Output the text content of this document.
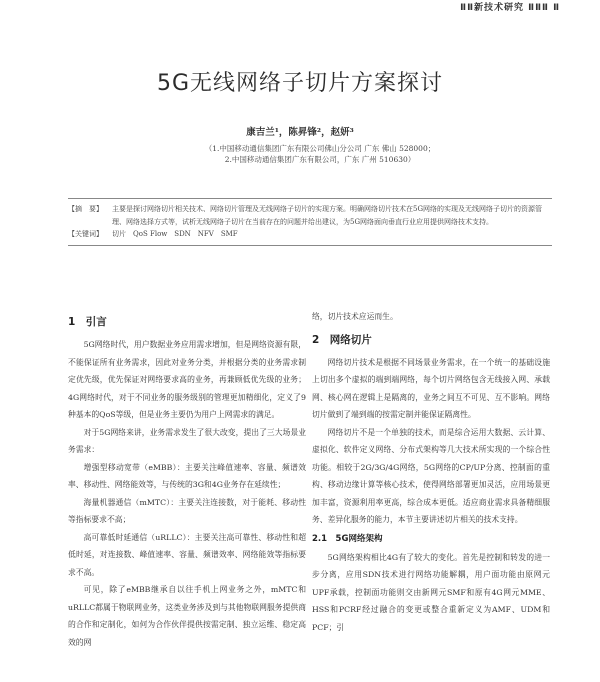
ⅡⅡ新技术研究 ⅡⅡⅡ Ⅱ
5G无线网络子切片方案探讨
康吉兰¹，陈昇锋²，赵妍³
（1.中国移动通信集团广东有限公司佛山分公司 广东 佛山 528000；
2.中国移动通信集团广东有限公司，广东 广州 510630）
【摘　要】	主要是探讨网络切片相关技术、网络切片管理及无线网络子切片的实现方案。明确网络切片技术在5G网络的实现及无线网络子切片的资源管理、网络选择方式等，试析无线网络子切片在当前存在的问题并给出建议，为5G网络面向垂直行业应用提供网络技术支持。
【关键词】	切片　QoS Flow　SDN　NFV　SMF
1　引言

5G网络时代，用户数据业务应用需求增加，但是网络资源有限，不能保证所有业务需求，因此对业务分类，并根据分类的业务需求制定优先级，优先保证对网络要求高的业务，再兼顾低优先级的业务；4G网络时代，对于不同业务的服务级别的管理更加精细化，定义了9种基本的QoS等级，但是业务主要仍为用户上网需求的满足。

对于5G网络来讲，业务需求发生了很大改变，提出了三大场景业务需求：

增强型移动宽带（eMBB）：主要关注峰值速率、容量、频谱效率、移动性、网络能效等，与传统的3G和4G业务存在延续性；

海量机器通信（mMTC）：主要关注连接数，对于能耗、移动性等指标要求不高；

高可靠低时延通信（uRLLC）：主要关注高可靠性、移动性和超低时延，对连接数、峰值速率、容量、频谱效率、网络能效等指标要求不高。

可见，除了eMBB继承自以往手机上网业务之外，mMTC和uRLLC都属于物联网业务，这类业务涉及到与其他物联网服务提供商的合作和定制化，如何为合作伙伴提供按需定制、独立运维、稳定高效的网

络，切片技术应运而生。

2　网络切片

网络切片技术是根据不同场景业务需求，在一个统一的基础设施上切出多个虚拟的端到端网络，每个切片网络包含无线接入网、承载网、核心网在逻辑上是隔离的，业务之间互不可见、互不影响。网络切片做到了端到端的按需定制并能保证隔离性。

网络切片不是一个单独的技术，而是综合运用大数据、云计算、虚拟化、软件定义网络、分布式架构等几大技术所实现的一个综合性功能。相较于2G/3G/4G网络，5G网络的CP/UP分离、控制面的重构、移动边缘计算等核心技术，使得网络部署更加灵活，应用场景更加丰富，资源利用率更高，综合成本更低。适应商业需求具备精细服务、差异化服务的能力，本节主要讲述切片相关的技术支持。

2.1　5G网络架构

5G网络架构相比4G有了较大的变化。首先是控制和转发的进一步分离，应用SDN技术进行网络功能解耦，用户面功能由原网元UPF承载，控制面功能则交由新网元SMF和原有4G网元MME、HSS和PCRF经过融合的变更或整合重新定义为AMF、UDM和PCF；引
